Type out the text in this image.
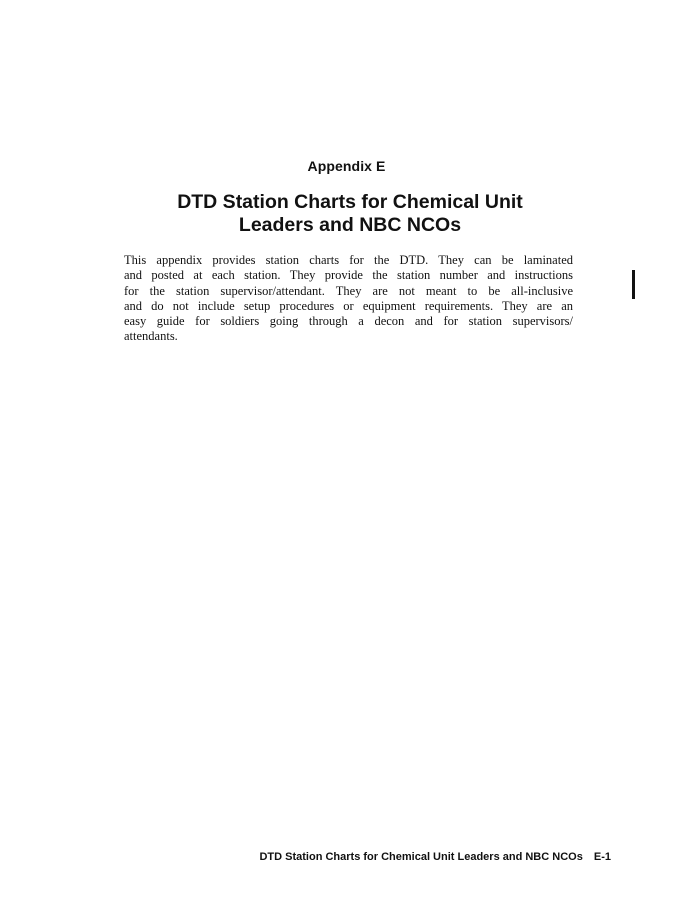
Appendix E
DTD Station Charts for Chemical Unit
Leaders and NBC NCOs
This appendix provides station charts for the DTD. They can be laminated
and posted at each station. They provide the station number and instructions
for the station supervisor/attendant. They are not meant to be all-inclusive
and do not include setup procedures or equipment requirements. They are an
easy guide for soldiers going through a decon and for station supervisors/
attendants.
DTD Station Charts for Chemical Unit Leaders and NBC NCOs E-1
